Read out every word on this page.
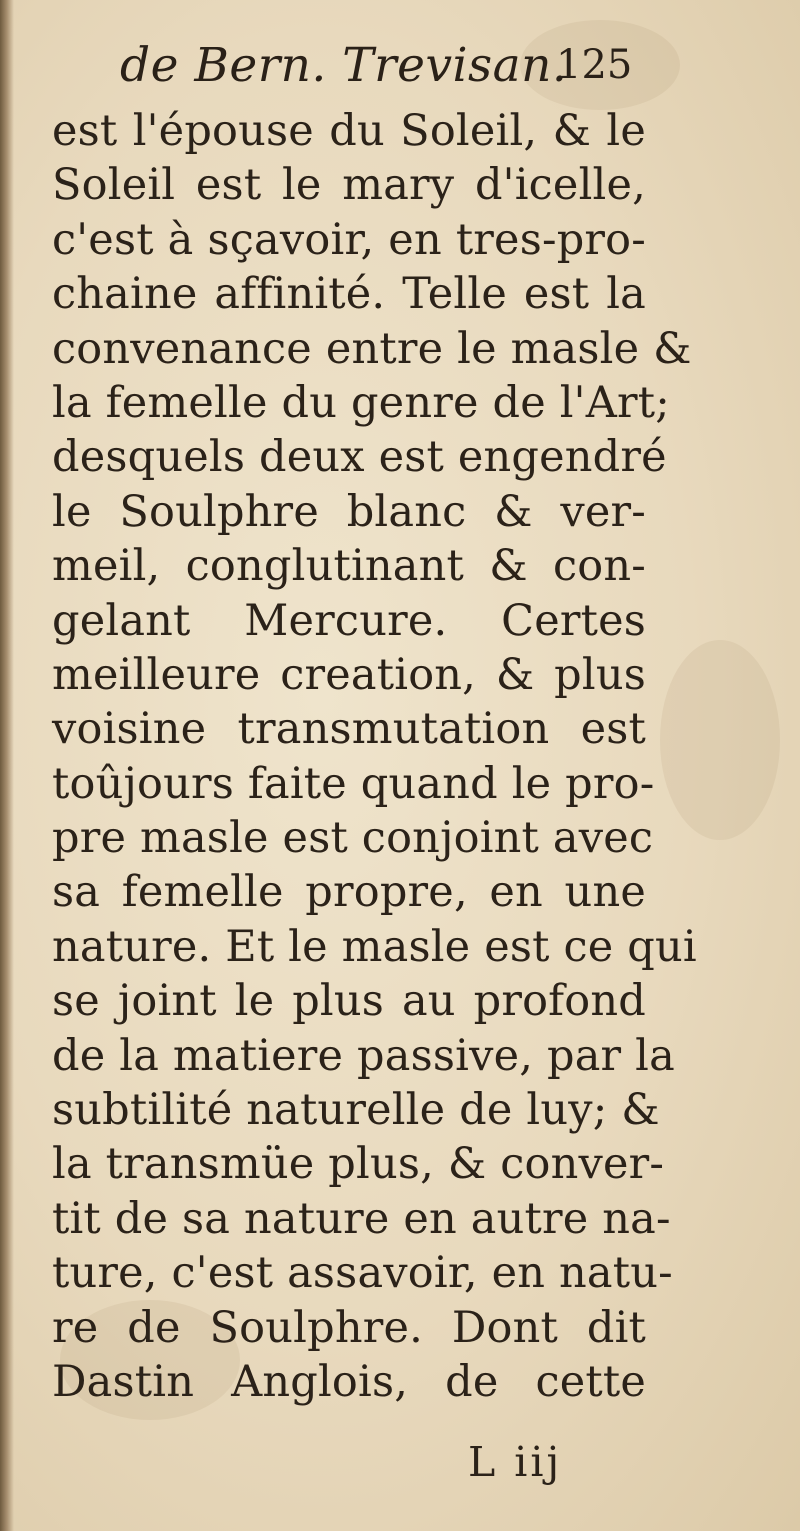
de Bern. Trevisan.
125
est l'épouse du Soleil, & le
Soleil est le mary d'icelle,
c'est à sçavoir, en tres-pro-
chaine affinité. Telle est la
convenance entre le masle &
la femelle du genre de l'Art;
desquels deux est engendré
le Soulphre blanc & ver-
meil, conglutinant & con-
gelant Mercure. Certes
meilleure creation, & plus
voisine transmutation est
toûjours faite quand le pro-
pre masle est conjoint avec
sa femelle propre, en une
nature. Et le masle est ce qui
se joint le plus au profond
de la matiere passive, par la
subtilité naturelle de luy; &
la transmüe plus, & conver-
tit de sa nature en autre na-
ture, c'est assavoir, en natu-
re de Soulphre. Dont dit
Dastin Anglois, de cette
L iij
